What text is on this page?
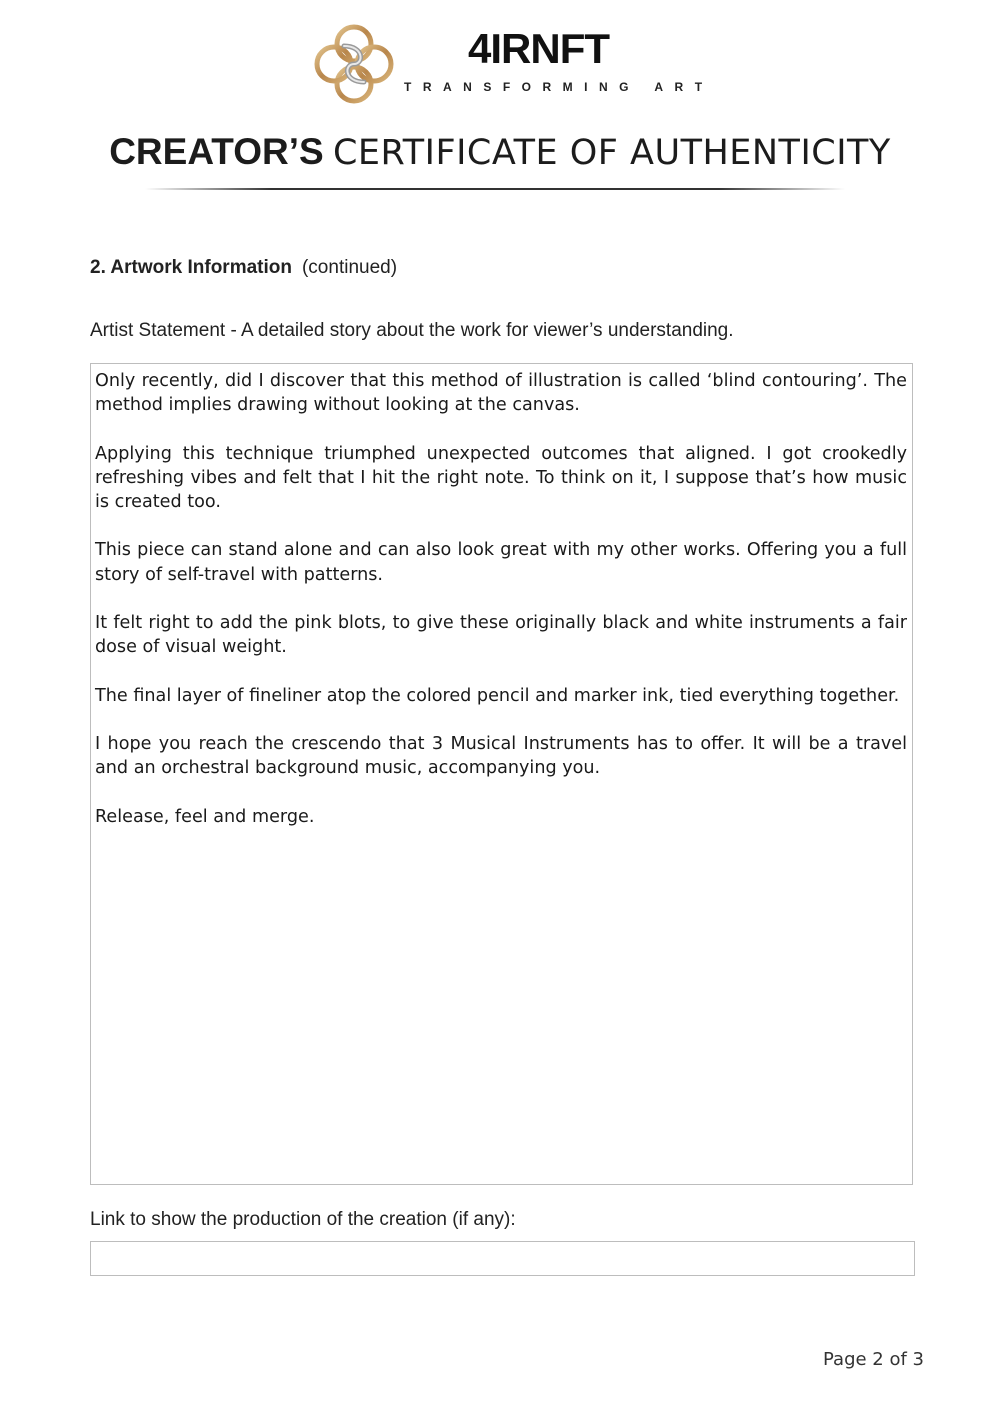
4IRNFT
TRANSFORMING ART
CREATOR’S CERTIFICATE OF AUTHENTICITY
2. Artwork Information (continued)
Artist Statement - A detailed story about the work for viewer’s understanding.

Only recently, did I discover that this method of illustration is called ‘blind contouring’. The method implies drawing without looking at the canvas.

Applying this technique triumphed unexpected outcomes that aligned. I got crookedly refreshing vibes and felt that I hit the right note. To think on it, I suppose that’s how music is created too.

This piece can stand alone and can also look great with my other works. Offering you a full story of self-travel with patterns.

It felt right to add the pink blots, to give these originally black and white instruments a fair dose of visual weight.

The final layer of fineliner atop the colored pencil and marker ink, tied everything together.

I hope you reach the crescendo that 3 Musical Instruments has to offer. It will be a travel and an orchestral background music, accompanying you.

Release, feel and merge.

Link to show the production of the creation (if any):
Page 2 of 3
